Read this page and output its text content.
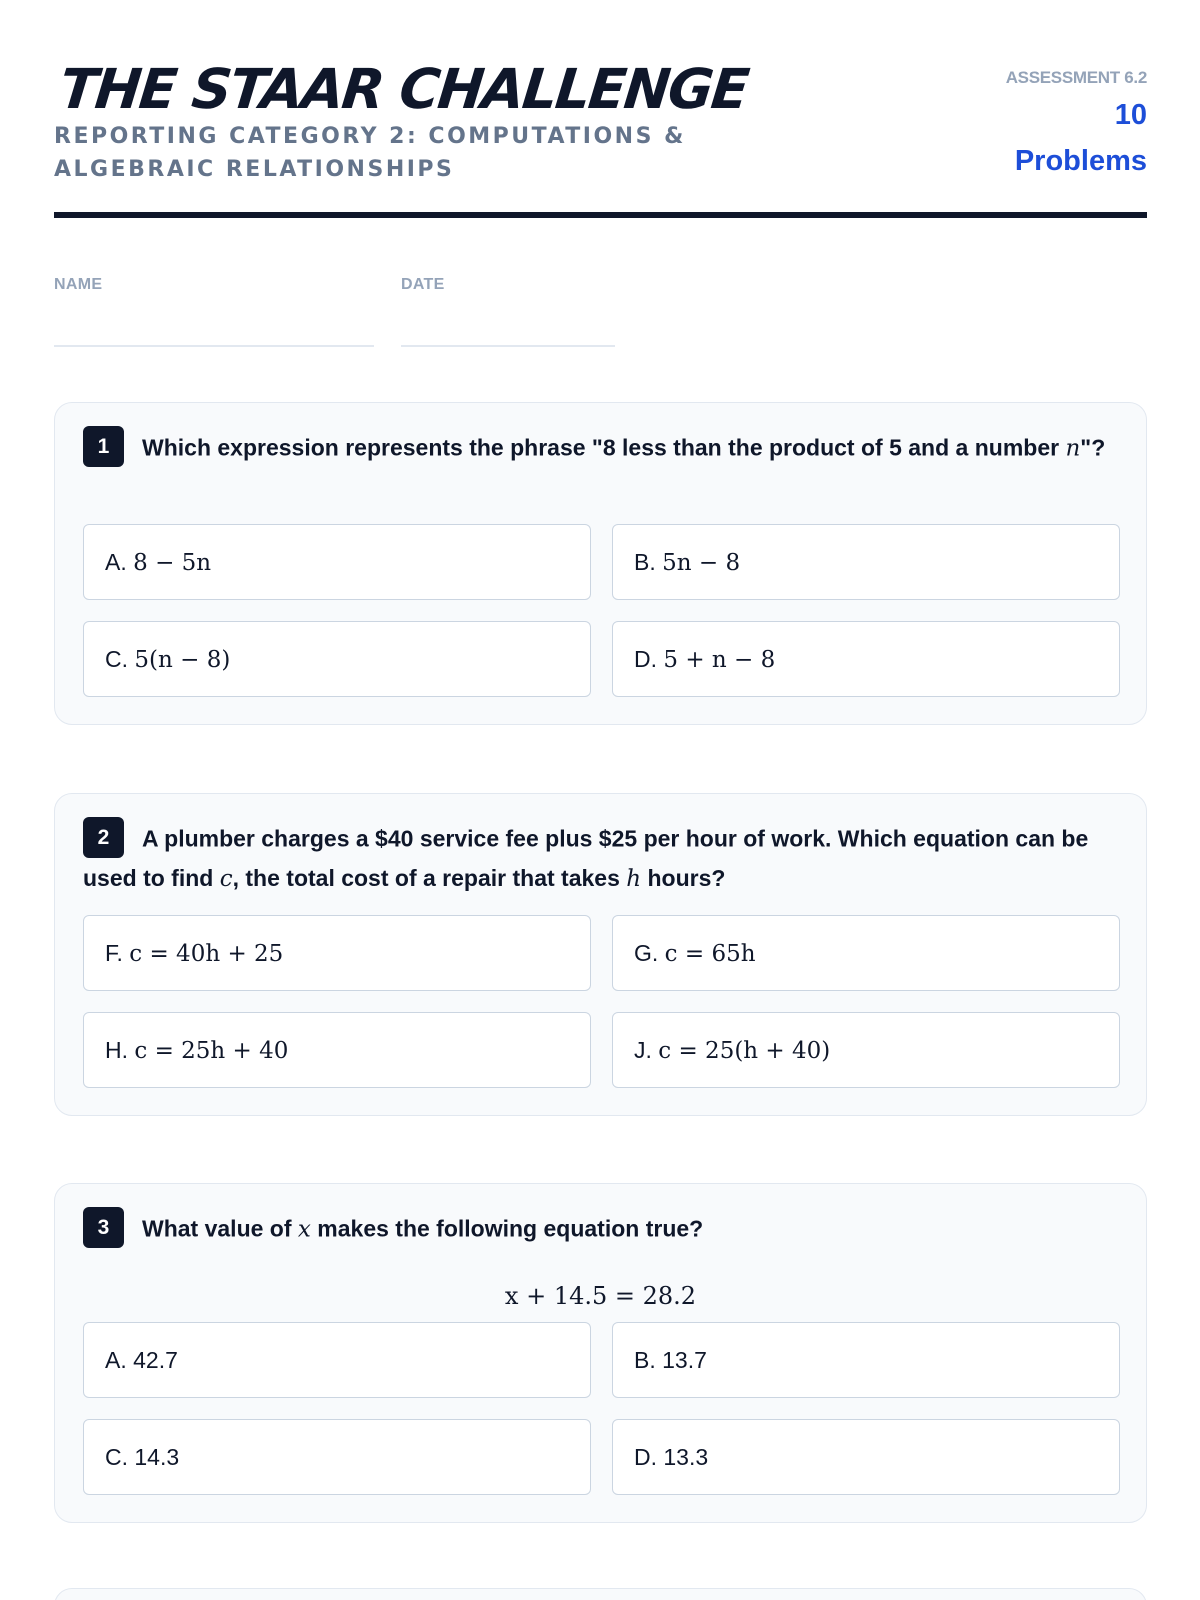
THE STAAR CHALLENGE
REPORTING CATEGORY 2: COMPUTATIONS & ALGEBRAIC RELATIONSHIPS
ASSESSMENT 6.2
10
Problems
NAME	DATE
1 Which expression represents the phrase "8 less than the product of 5 and a number n"?
A. 8 − 5n	B. 5n − 8
C. 5(n − 8)	D. 5 + n − 8
2 A plumber charges a $40 service fee plus $25 per hour of work. Which equation can be used to find c, the total cost of a repair that takes h hours?
F. c = 40h + 25	G. c = 65h
H. c = 25h + 40	J. c = 25(h + 40)
3 What value of x makes the following equation true?
x + 14.5 = 28.2
A. 42.7	B. 13.7
C. 14.3	D. 13.3
